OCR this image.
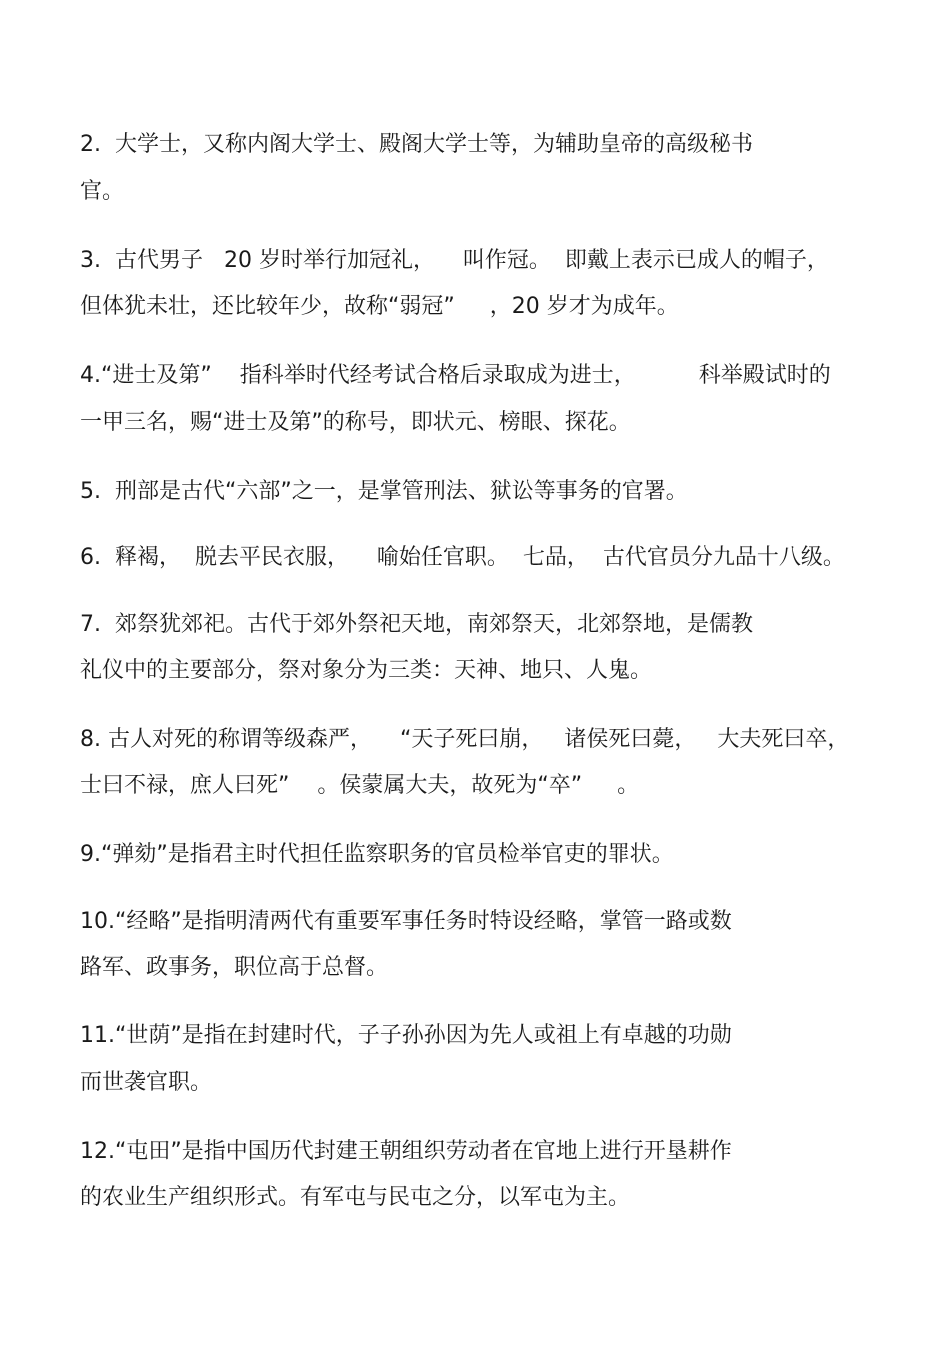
2.  大学士，又称内阁大学士、殿阁大学士等，为辅助皇帝的高级秘书
官。
3.  古代男子   20 岁时举行加冠礼，    叫作冠。  即戴上表示已成人的帽子，
但体犹未壮，还比较年少，故称“弱冠”     ，20 岁才为成年。
4.“进士及第”    指科举时代经考试合格后录取成为进士，         科举殿试时的
一甲三名，赐“进士及第”的称号，即状元、榜眼、探花。
5.  刑部是古代“六部”之一，是掌管刑法、狱讼等事务的官署。
6.  释褐，  脱去平民衣服，    喻始任官职。  七品，  古代官员分九品十八级。
7.  郊祭犹郊祀。古代于郊外祭祀天地，南郊祭天，北郊祭地，是儒教
礼仪中的主要部分，祭对象分为三类：天神、地只、人鬼。
8. 古人对死的称谓等级森严，    “天子死曰崩，   诸侯死曰薨，   大夫死曰卒，
士曰不禄，庶人曰死”    。侯蒙属大夫，故死为“卒”     。
9.“弹劾”是指君主时代担任监察职务的官员检举官吏的罪状。
10.“经略”是指明清两代有重要军事任务时特设经略，掌管一路或数
路军、政事务，职位高于总督。
11.“世荫”是指在封建时代，子子孙孙因为先人或祖上有卓越的功勋
而世袭官职。
12.“屯田”是指中国历代封建王朝组织劳动者在官地上进行开垦耕作
的农业生产组织形式。有军屯与民屯之分，以军屯为主。
